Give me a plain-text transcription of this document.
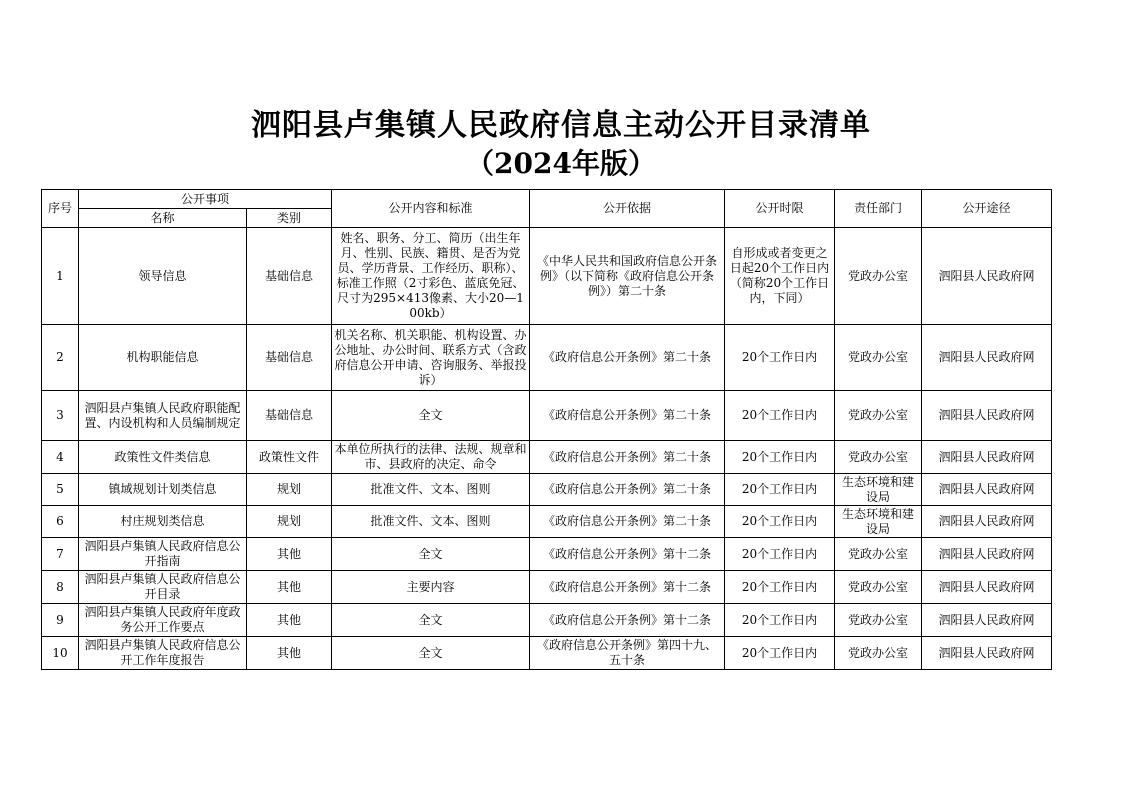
泗阳县卢集镇人民政府信息主动公开目录清单
（2024年版）
序号	公开事项		公开内容和标准	公开依据	公开时限	责任部门	公开途径
	名称	类别					
1	领导信息	基础信息	姓名、职务、分工、简历（出生年月、性别、民族、籍贯、是否为党员、学历背景、工作经历、职称）、标准工作照（2寸彩色、蓝底免冠、尺寸为295×413像素、大小20—100kb）	《中华人民共和国政府信息公开条例》（以下简称《政府信息公开条例》）第二十条	自形成或者变更之日起20个工作日内（简称20个工作日内，下同）	党政办公室	泗阳县人民政府网
2	机构职能信息	基础信息	机关名称、机关职能、机构设置、办公地址、办公时间、联系方式（含政府信息公开申请、咨询服务、举报投诉）	《政府信息公开条例》第二十条	20个工作日内	党政办公室	泗阳县人民政府网
3	泗阳县卢集镇人民政府职能配置、内设机构和人员编制规定	基础信息	全文	《政府信息公开条例》第二十条	20个工作日内	党政办公室	泗阳县人民政府网
4	政策性文件类信息	政策性文件	本单位所执行的法律、法规、规章和市、县政府的决定、命令	《政府信息公开条例》第二十条	20个工作日内	党政办公室	泗阳县人民政府网
5	镇域规划计划类信息	规划	批准文件、文本、图则	《政府信息公开条例》第二十条	20个工作日内	生态环境和建设局	泗阳县人民政府网
6	村庄规划类信息	规划	批准文件、文本、图则	《政府信息公开条例》第二十条	20个工作日内	生态环境和建设局	泗阳县人民政府网
7	泗阳县卢集镇人民政府信息公开指南	其他	全文	《政府信息公开条例》第十二条	20个工作日内	党政办公室	泗阳县人民政府网
8	泗阳县卢集镇人民政府信息公开目录	其他	主要内容	《政府信息公开条例》第十二条	20个工作日内	党政办公室	泗阳县人民政府网
9	泗阳县卢集镇人民政府年度政务公开工作要点	其他	全文	《政府信息公开条例》第十二条	20个工作日内	党政办公室	泗阳县人民政府网
10	泗阳县卢集镇人民政府信息公开工作年度报告	其他	全文	《政府信息公开条例》第四十九、五十条	20个工作日内	党政办公室	泗阳县人民政府网
